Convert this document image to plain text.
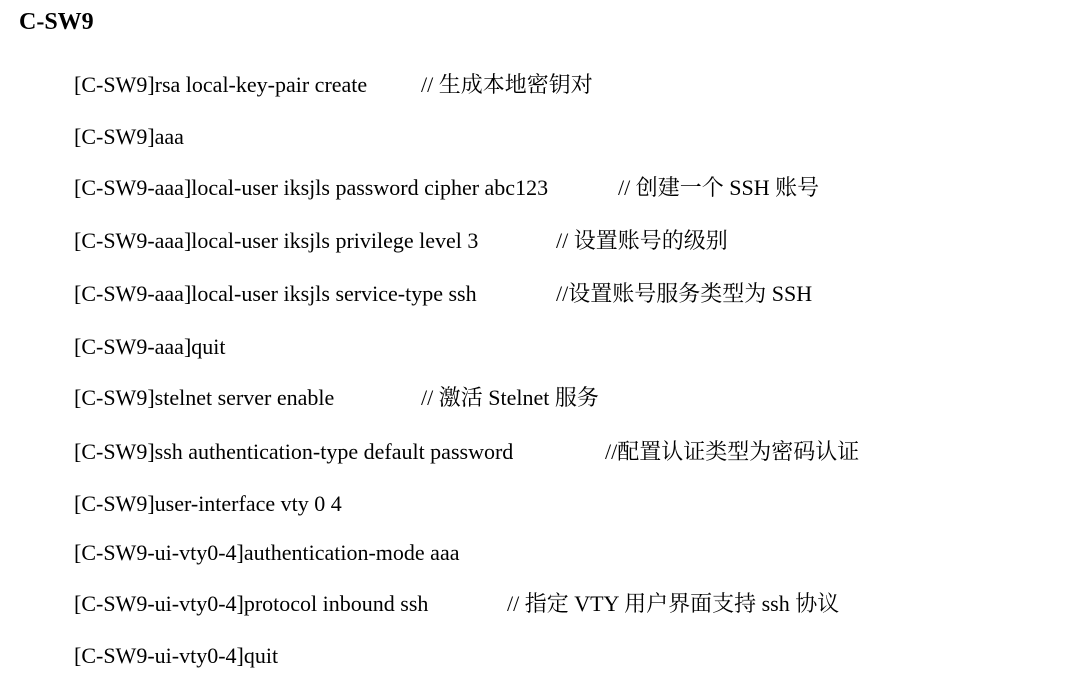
C-SW9
[C-SW9]rsa local-key-pair create // 生成本地密钥对
[C-SW9]aaa
[C-SW9-aaa]local-user iksjls password cipher abc123	// 创建一个 SSH 账号
[C-SW9-aaa]local-user iksjls privilege level 3	// 设置账号的级别
[C-SW9-aaa]local-user iksjls service-type ssh	//设置账号服务类型为 SSH
[C-SW9-aaa]quit
[C-SW9]stelnet server enable	// 激活 Stelnet 服务
[C-SW9]ssh authentication-type default password	//配置认证类型为密码认证
[C-SW9]user-interface vty 0 4
[C-SW9-ui-vty0-4]authentication-mode aaa
[C-SW9-ui-vty0-4]protocol inbound ssh	// 指定 VTY 用户界面支持 ssh 协议
[C-SW9-ui-vty0-4]quit
